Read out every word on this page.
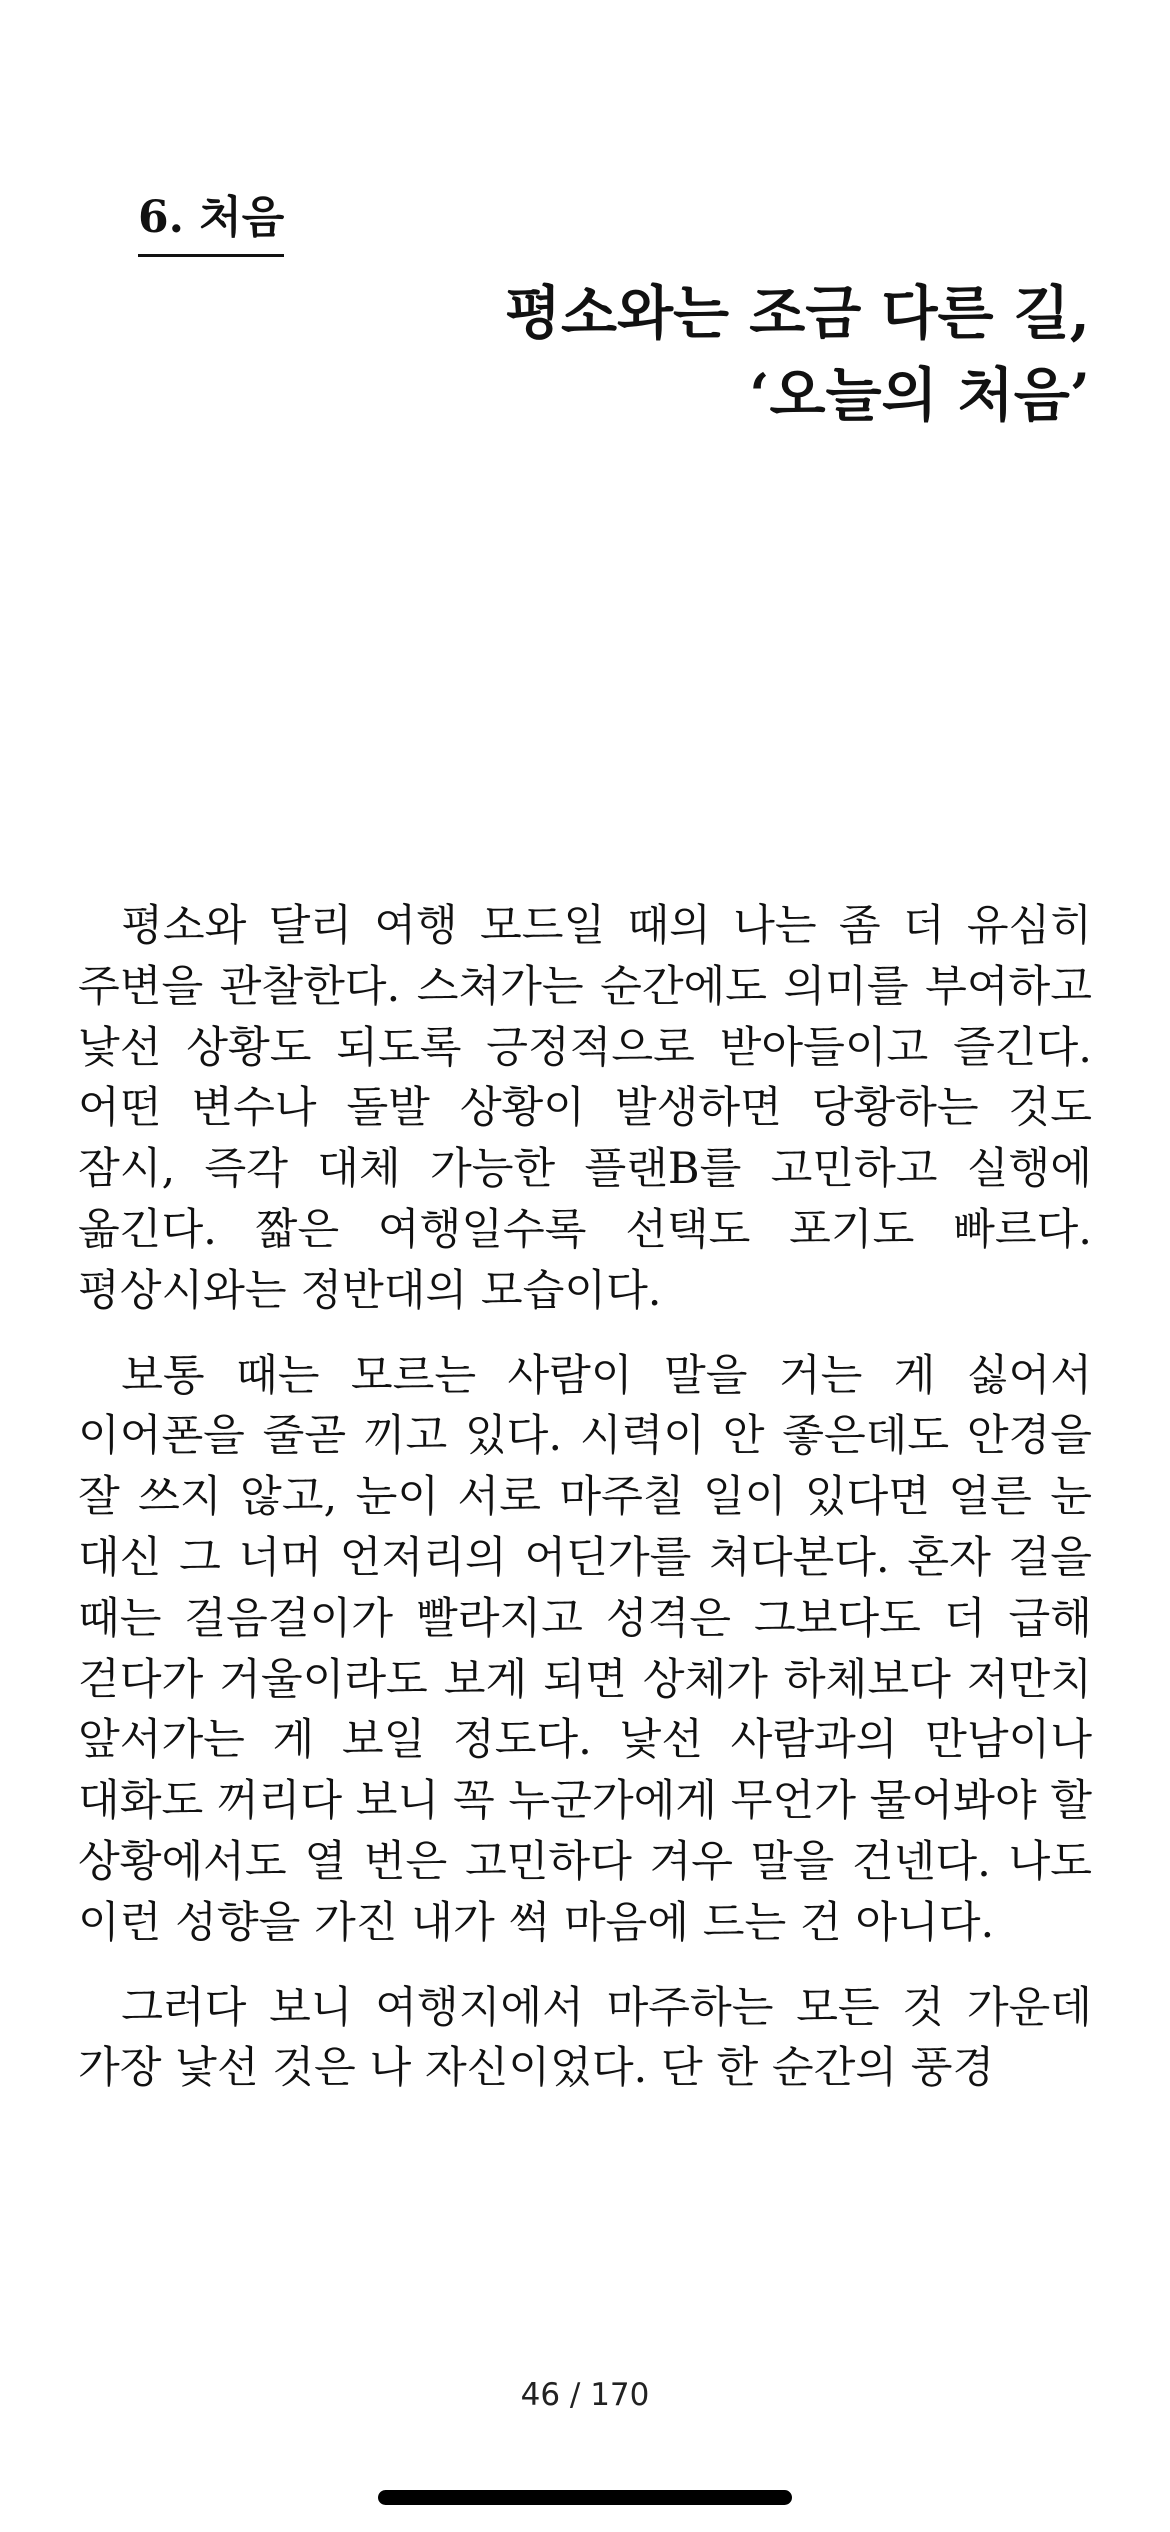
6. 처음
평소와는 조금 다른 길,
‘오늘의 처음’

평소와 달리 여행 모드일 때의 나는 좀 더 유심히 주변을 관찰한다. 스쳐가는 순간에도 의미를 부여하고 낯선 상황도 되도록 긍정적으로 받아들이고 즐긴다. 어떤 변수나 돌발 상황이 발생하면 당황하는 것도 잠시, 즉각 대체 가능한 플랜B를 고민하고 실행에 옮긴다. 짧은 여행일수록 선택도 포기도 빠르다. 평상시와는 정반대의 모습이다.

보통 때는 모르는 사람이 말을 거는 게 싫어서 이어폰을 줄곧 끼고 있다. 시력이 안 좋은데도 안경을 잘 쓰지 않고, 눈이 서로 마주칠 일이 있다면 얼른 눈 대신 그 너머 언저리의 어딘가를 쳐다본다. 혼자 걸을 때는 걸음걸이가 빨라지고 성격은 그보다도 더 급해 걷다가 거울이라도 보게 되면 상체가 하체보다 저만치 앞서가는 게 보일 정도다. 낯선 사람과의 만남이나 대화도 꺼리다 보니 꼭 누군가에게 무언가 물어봐야 할 상황에서도 열 번은 고민하다 겨우 말을 건넨다. 나도 이런 성향을 가진 내가 썩 마음에 드는 건 아니다.

그러다 보니 여행지에서 마주하는 모든 것 가운데 가장 낯선 것은 나 자신이었다. 단 한 순간의 풍경

46 / 170
